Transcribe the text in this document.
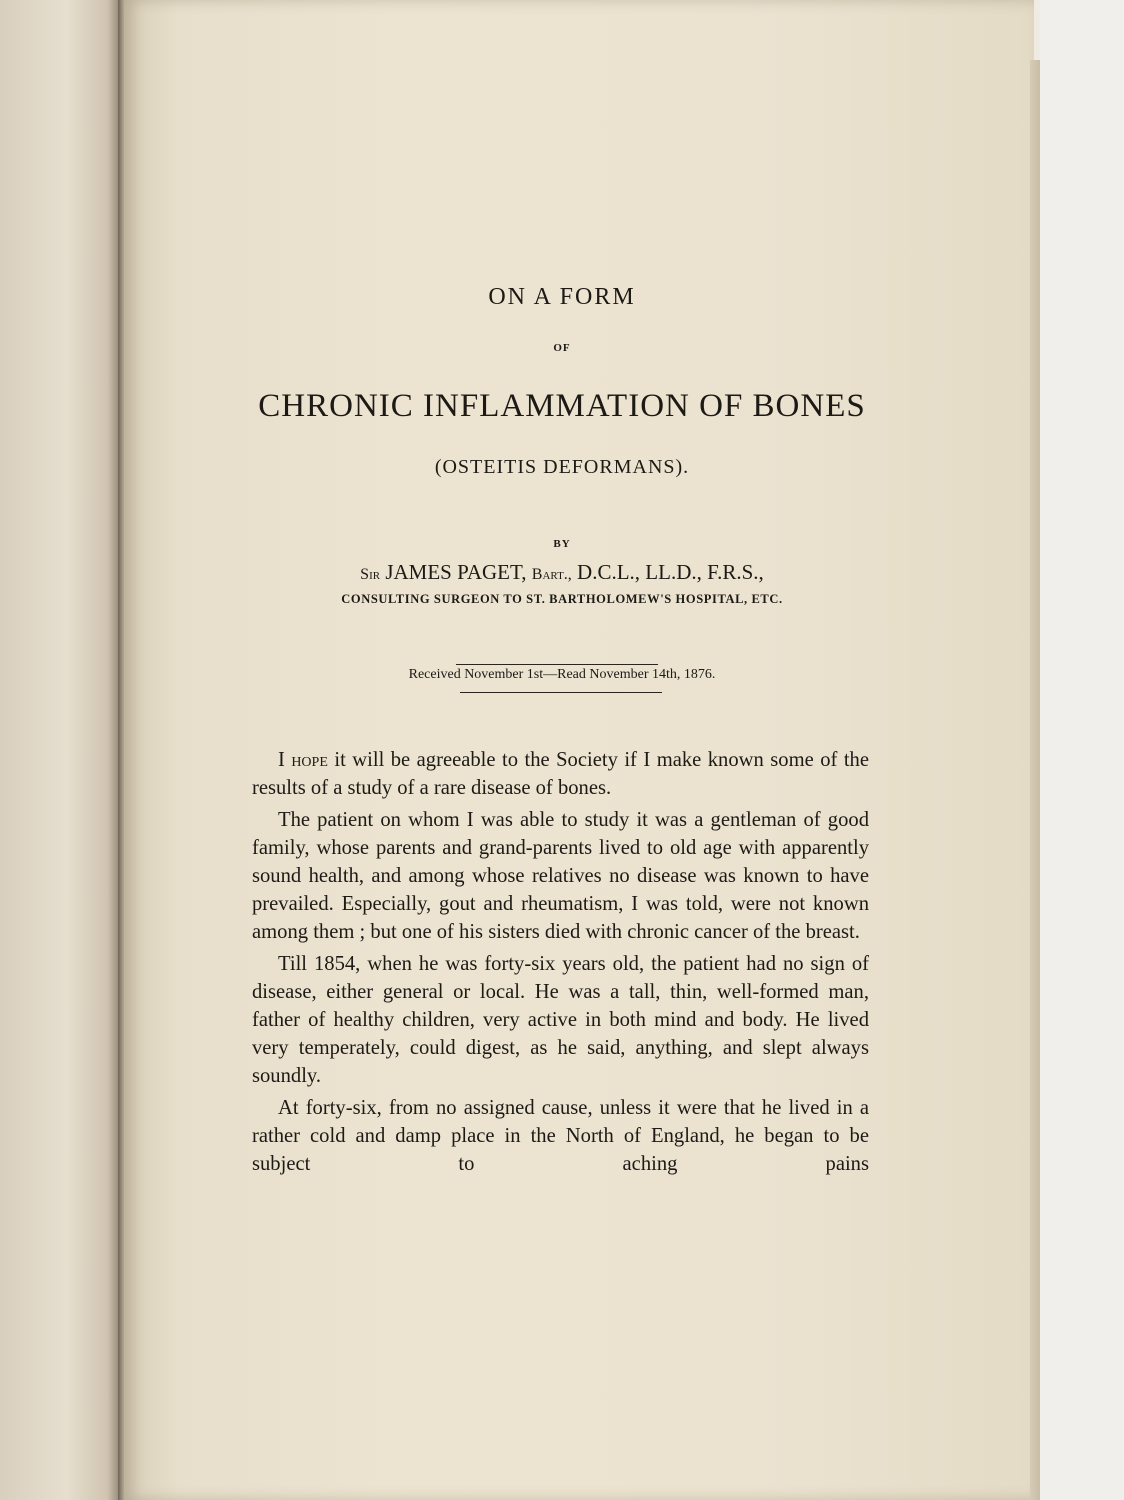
ON A FORM
OF
CHRONIC INFLAMMATION OF BONES
(OSTEITIS DEFORMANS).
BY
Sir JAMES PAGET, Bart., D.C.L., LL.D., F.R.S.,
CONSULTING SURGEON TO ST. BARTHOLOMEW'S HOSPITAL, ETC.
Received November 1st—Read November 14th, 1876.

I hope it will be agreeable to the Society if I make known some of the results of a study of a rare disease of bones.

The patient on whom I was able to study it was a gentleman of good family, whose parents and grand-parents lived to old age with apparently sound health, and among whose relatives no disease was known to have prevailed. Especially, gout and rheumatism, I was told, were not known among them ; but one of his sisters died with chronic cancer of the breast.

Till 1854, when he was forty-six years old, the patient had no sign of disease, either general or local. He was a tall, thin, well-formed man, father of healthy children, very active in both mind and body. He lived very temperately, could digest, as he said, anything, and slept always soundly.

At forty-six, from no assigned cause, unless it were that he lived in a rather cold and damp place in the North of England, he began to be subject to aching pains
